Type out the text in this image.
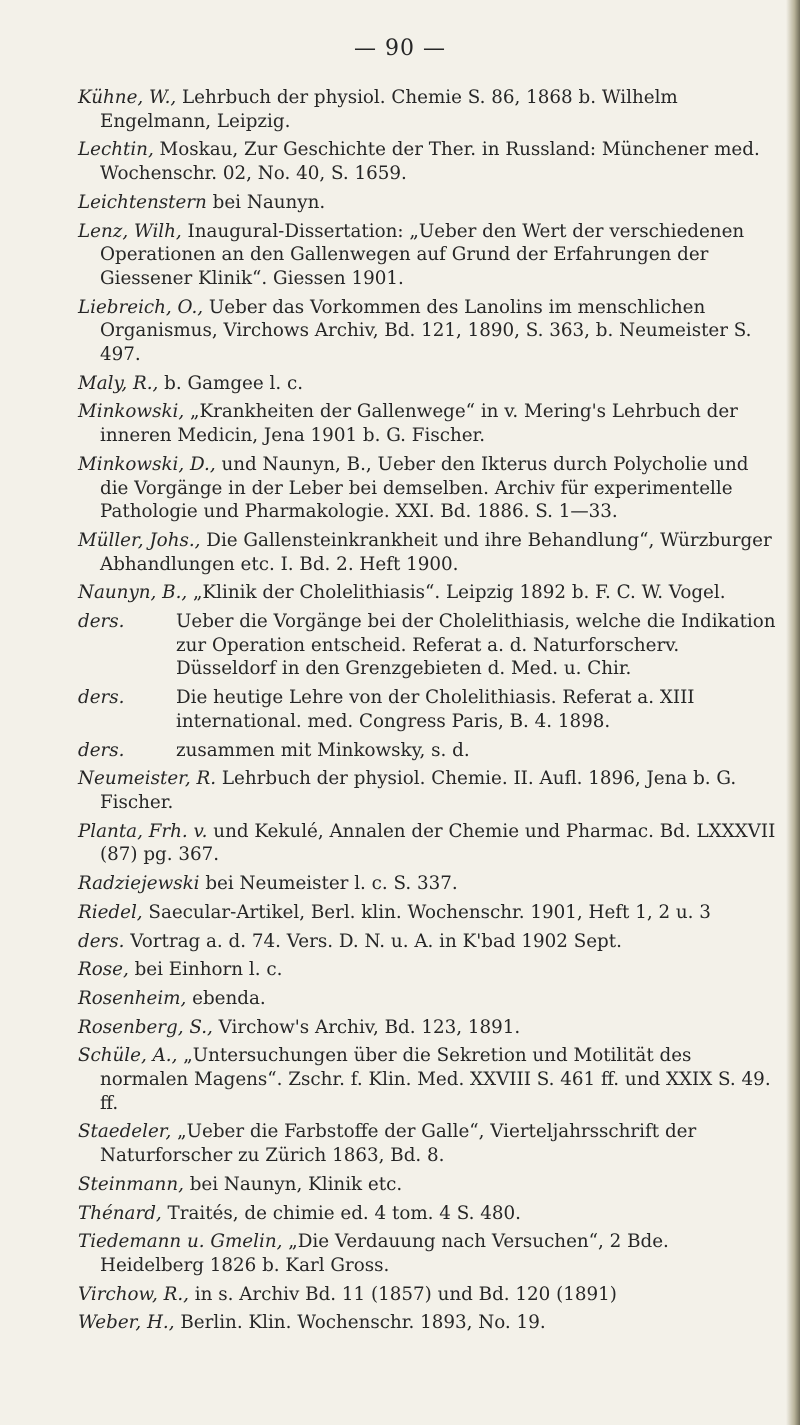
— 90 —
Kühne, W., Lehrbuch der physiol. Chemie S. 86, 1868 b. Wilhelm Engelmann, Leipzig.
Lechtin, Moskau, Zur Geschichte der Ther. in Russland: Münchener med. Wochenschr. 02, No. 40, S. 1659.
Leichtenstern bei Naunyn.
Lenz, Wilh, Inaugural-Dissertation: „Ueber den Wert der verschiedenen Operationen an den Gallenwegen auf Grund der Erfahrungen der Giessener Klinik“. Giessen 1901.
Liebreich, O., Ueber das Vorkommen des Lanolins im menschlichen Organismus, Virchows Archiv, Bd. 121, 1890, S. 363, b. Neumeister S. 497.
Maly, R., b. Gamgee l. c.
Minkowski, „Krankheiten der Gallenwege“ in v. Mering's Lehrbuch der inneren Medicin, Jena 1901 b. G. Fischer.
Minkowski, D., und Naunyn, B., Ueber den Ikterus durch Polycholie und die Vorgänge in der Leber bei demselben. Archiv für experimentelle Pathologie und Pharmakologie. XXI. Bd. 1886. S. 1—33.
Müller, Johs., Die Gallensteinkrankheit und ihre Behandlung“, Würzburger Abhandlungen etc. I. Bd. 2. Heft 1900.
Naunyn, B., „Klinik der Cholelithiasis“. Leipzig 1892 b. F. C. W. Vogel.
ders.	Ueber die Vorgänge bei der Cholelithiasis, welche die Indikation zur Operation entscheid. Referat a. d. Naturforscherv. Düsseldorf in den Grenzgebieten d. Med. u. Chir.
ders.	Die heutige Lehre von der Cholelithiasis. Referat a. XIII international. med. Congress Paris, B. 4. 1898.
ders.	zusammen mit Minkowsky, s. d.
Neumeister, R. Lehrbuch der physiol. Chemie. II. Aufl. 1896, Jena b. G. Fischer.
Planta, Frh. v. und Kekulé, Annalen der Chemie und Pharmac. Bd. LXXXVII (87) pg. 367.
Radziejewski bei Neumeister l. c. S. 337.
Riedel, Saecular-Artikel, Berl. klin. Wochenschr. 1901, Heft 1, 2 u. 3
ders. Vortrag a. d. 74. Vers. D. N. u. A. in K'bad 1902 Sept.
Rose, bei Einhorn l. c.
Rosenheim, ebenda.
Rosenberg, S., Virchow's Archiv, Bd. 123, 1891.
Schüle, A., „Untersuchungen über die Sekretion und Motilität des normalen Magens“. Zschr. f. Klin. Med. XXVIII S. 461 ff. und XXIX S. 49. ff.
Staedeler, „Ueber die Farbstoffe der Galle“, Vierteljahrsschrift der Naturforscher zu Zürich 1863, Bd. 8.
Steinmann, bei Naunyn, Klinik etc.
Thénard, Traités, de chimie ed. 4 tom. 4 S. 480.
Tiedemann u. Gmelin, „Die Verdauung nach Versuchen“, 2 Bde. Heidelberg 1826 b. Karl Gross.
Virchow, R., in s. Archiv Bd. 11 (1857) und Bd. 120 (1891)
Weber, H., Berlin. Klin. Wochenschr. 1893, No. 19.
